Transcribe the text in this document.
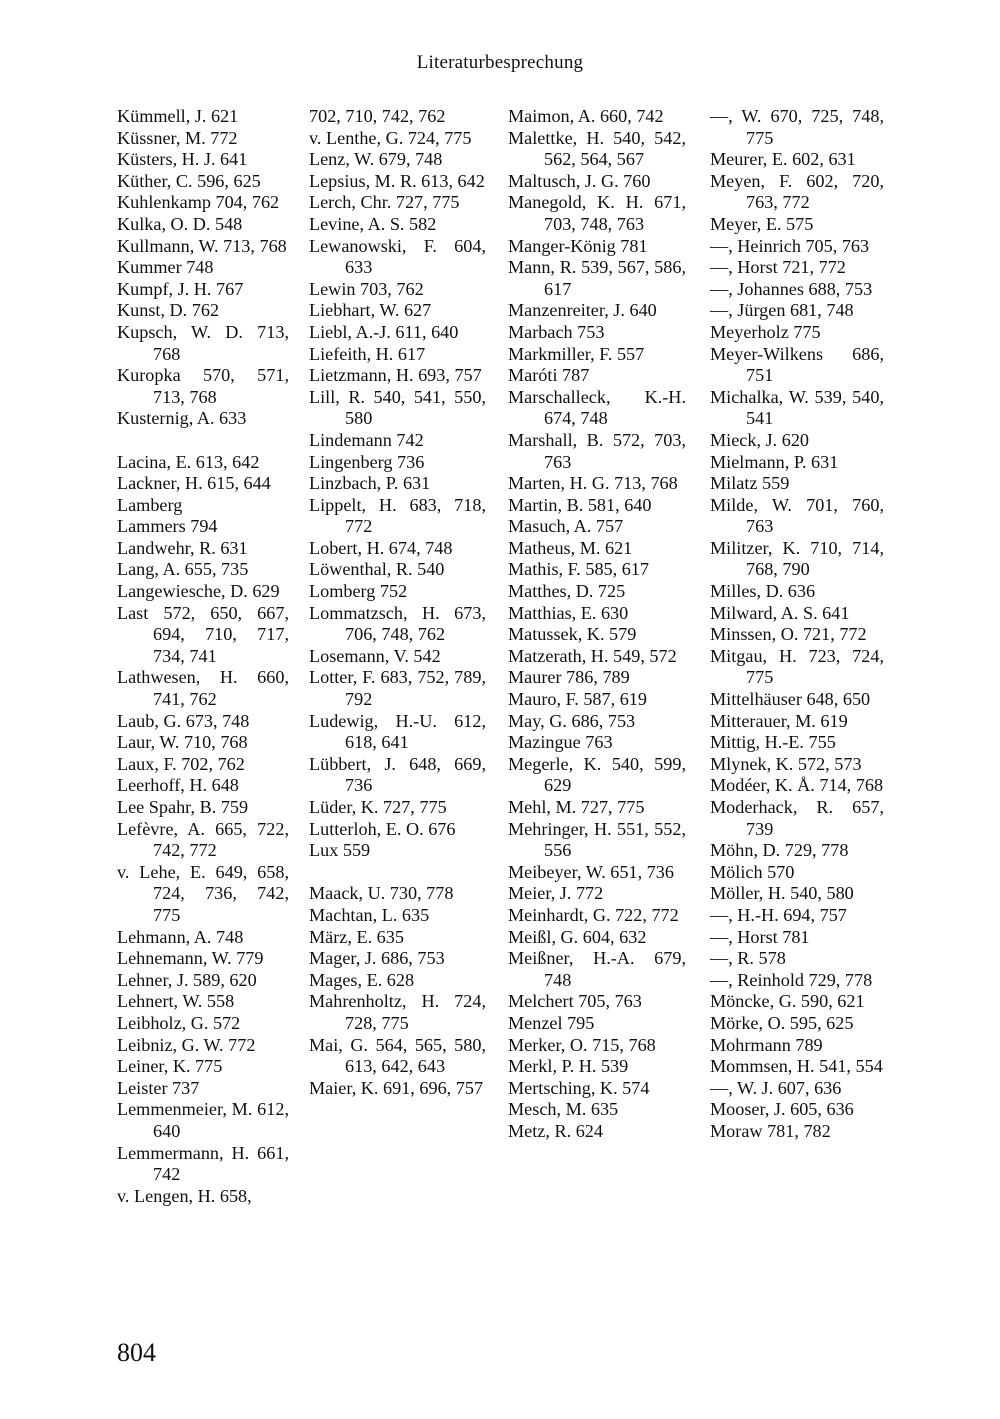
Literaturbesprechung
Kümmell, J. 621
Küssner, M. 772
Küsters, H. J. 641
Küther, C. 596, 625
Kuhlenkamp 704, 762
Kulka, O. D. 548
Kullmann, W. 713, 768
Kummer 748
Kumpf, J. H. 767
Kunst, D. 762
Kupsch, W. D. 713, 768
Kuropka 570, 571, 713, 768
Kusternig, A. 633
Lacina, E. 613, 642
Lackner, H. 615, 644
Lamberg
Lammers 794
Landwehr, R. 631
Lang, A. 655, 735
Langewiesche, D. 629
Last 572, 650, 667, 694, 710, 717, 734, 741
Lathwesen, H. 660, 741, 762
Laub, G. 673, 748
Laur, W. 710, 768
Laux, F. 702, 762
Leerhoff, H. 648
Lee Spahr, B. 759
Lefèvre, A. 665, 722, 742, 772
v. Lehe, E. 649, 658, 724, 736, 742, 775
Lehmann, A. 748
Lehnemann, W. 779
Lehner, J. 589, 620
Lehnert, W. 558
Leibholz, G. 572
Leibniz, G. W. 772
Leiner, K. 775
Leister 737
Lemmenmeier, M. 612, 640
Lemmermann, H. 661, 742
v. Lengen, H. 658,
702, 710, 742, 762
v. Lenthe, G. 724, 775
Lenz, W. 679, 748
Lepsius, M. R. 613, 642
Lerch, Chr. 727, 775
Levine, A. S. 582
Lewanowski, F. 604, 633
Lewin 703, 762
Liebhart, W. 627
Liebl, A.-J. 611, 640
Liefeith, H. 617
Lietzmann, H. 693, 757
Lill, R. 540, 541, 550, 580
Lindemann 742
Lingenberg 736
Linzbach, P. 631
Lippelt, H. 683, 718, 772
Lobert, H. 674, 748
Löwenthal, R. 540
Lomberg 752
Lommatzsch, H. 673, 706, 748, 762
Losemann, V. 542
Lotter, F. 683, 752, 789, 792
Ludewig, H.-U. 612, 618, 641
Lübbert, J. 648, 669, 736
Lüder, K. 727, 775
Lutterloh, E. O. 676
Lux 559
Maack, U. 730, 778
Machtan, L. 635
März, E. 635
Mager, J. 686, 753
Mages, E. 628
Mahrenholtz, H. 724, 728, 775
Mai, G. 564, 565, 580, 613, 642, 643
Maier, K. 691, 696, 757
Maimon, A. 660, 742
Malettke, H. 540, 542, 562, 564, 567
Maltusch, J. G. 760
Manegold, K. H. 671, 703, 748, 763
Manger-König 781
Mann, R. 539, 567, 586, 617
Manzenreiter, J. 640
Marbach 753
Markmiller, F. 557
Maróti 787
Marschalleck, K.-H. 674, 748
Marshall, B. 572, 703, 763
Marten, H. G. 713, 768
Martin, B. 581, 640
Masuch, A. 757
Matheus, M. 621
Mathis, F. 585, 617
Matthes, D. 725
Matthias, E. 630
Matussek, K. 579
Matzerath, H. 549, 572
Maurer 786, 789
Mauro, F. 587, 619
May, G. 686, 753
Mazingue 763
Megerle, K. 540, 599, 629
Mehl, M. 727, 775
Mehringer, H. 551, 552, 556
Meibeyer, W. 651, 736
Meier, J. 772
Meinhardt, G. 722, 772
Meißl, G. 604, 632
Meißner, H.-A. 679, 748
Melchert 705, 763
Menzel 795
Merker, O. 715, 768
Merkl, P. H. 539
Mertsching, K. 574
Mesch, M. 635
Metz, R. 624
—, W. 670, 725, 748, 775
Meurer, E. 602, 631
Meyen, F. 602, 720, 763, 772
Meyer, E. 575
—, Heinrich 705, 763
—, Horst 721, 772
—, Johannes 688, 753
—, Jürgen 681, 748
Meyerholz 775
Meyer-Wilkens 686, 751
Michalka, W. 539, 540, 541
Mieck, J. 620
Mielmann, P. 631
Milatz 559
Milde, W. 701, 760, 763
Militzer, K. 710, 714, 768, 790
Milles, D. 636
Milward, A. S. 641
Minssen, O. 721, 772
Mitgau, H. 723, 724, 775
Mittelhäuser 648, 650
Mitterauer, M. 619
Mittig, H.-E. 755
Mlynek, K. 572, 573
Modéer, K. Å. 714, 768
Moderhack, R. 657, 739
Möhn, D. 729, 778
Mölich 570
Möller, H. 540, 580
—, H.-H. 694, 757
—, Horst 781
—, R. 578
—, Reinhold 729, 778
Möncke, G. 590, 621
Mörke, O. 595, 625
Mohrmann 789
Mommsen, H. 541, 554
—, W. J. 607, 636
Mooser, J. 605, 636
Moraw 781, 782
804
